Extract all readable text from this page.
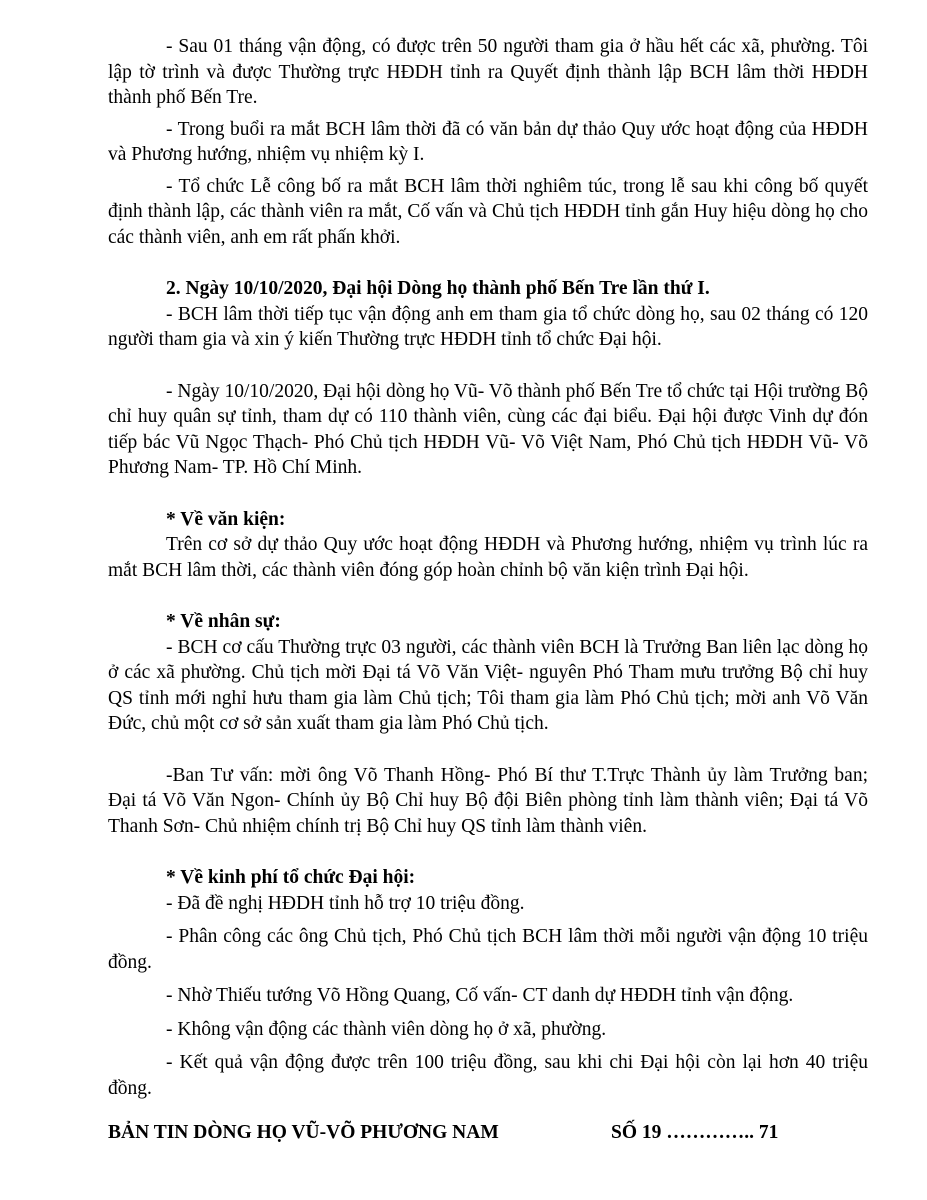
- Sau 01 tháng vận động, có được trên 50 người tham gia ở hầu hết các xã, phường. Tôi lập tờ trình và được Thường trực HĐDH tỉnh ra Quyết định thành lập BCH lâm thời HĐDH thành phố Bến Tre.

- Trong buổi ra mắt BCH lâm thời đã có văn bản dự thảo Quy ước hoạt động của HĐDH và Phương hướng, nhiệm vụ nhiệm kỳ I.

- Tổ chức Lễ công bố ra mắt BCH lâm thời nghiêm túc, trong lễ sau khi công bố quyết định thành lập, các thành viên ra mắt, Cố vấn và Chủ tịch HĐDH tỉnh gắn Huy hiệu dòng họ cho các thành viên, anh em rất phấn khởi.

2. Ngày 10/10/2020, Đại hội Dòng họ thành phố Bến Tre lần thứ I.

- BCH lâm thời tiếp tục vận động anh em tham gia tổ chức dòng họ, sau 02 tháng có 120 người tham gia và xin ý kiến Thường trực HĐDH tỉnh tổ chức Đại hội.

- Ngày 10/10/2020, Đại hội dòng họ Vũ- Võ thành phố Bến Tre tổ chức tại Hội trường Bộ chỉ huy quân sự tỉnh, tham dự có 110 thành viên, cùng các đại biểu. Đại hội được Vinh dự đón tiếp bác Vũ Ngọc Thạch- Phó Chủ tịch HĐDH Vũ- Võ Việt Nam, Phó Chủ tịch HĐDH Vũ- Võ Phương Nam- TP. Hồ Chí Minh.

* Về văn kiện:

Trên cơ sở dự thảo Quy ước hoạt động HĐDH và Phương hướng, nhiệm vụ trình lúc ra mắt BCH lâm thời, các thành viên đóng góp hoàn chỉnh bộ văn kiện trình Đại hội.

* Về nhân sự:

- BCH cơ cấu Thường trực 03 người, các thành viên BCH là Trưởng Ban liên lạc dòng họ ở các xã phường. Chủ tịch mời Đại tá Võ Văn Việt- nguyên Phó Tham mưu trưởng Bộ chỉ huy QS tỉnh mới nghỉ hưu tham gia làm Chủ tịch; Tôi tham gia làm Phó Chủ tịch; mời anh Võ Văn Đức, chủ một cơ sở sản xuất tham gia làm Phó Chủ tịch.

-Ban Tư vấn: mời ông Võ Thanh Hồng- Phó Bí thư T.Trực Thành ủy làm Trưởng ban; Đại tá Võ Văn Ngon- Chính ủy Bộ Chỉ huy Bộ đội Biên phòng tỉnh làm thành viên; Đại tá Võ Thanh Sơn- Chủ nhiệm chính trị Bộ Chỉ huy QS tỉnh làm thành viên.

* Về kinh phí tổ chức Đại hội:

- Đã đề nghị HĐDH tỉnh hỗ trợ 10 triệu đồng.

- Phân công các ông Chủ tịch, Phó Chủ tịch BCH lâm thời mỗi người vận động 10 triệu đồng.

- Nhờ Thiếu tướng Võ Hồng Quang, Cố vấn- CT danh dự HĐDH tỉnh vận động.

- Không vận động các thành viên dòng họ ở xã, phường.

- Kết quả vận động được trên 100 triệu đồng, sau khi chi Đại hội còn lại hơn 40 triệu đồng.

BẢN TIN DÒNG HỌ VŨ-VÕ PHƯƠNG NAM	SỐ 19 ………….. 71
